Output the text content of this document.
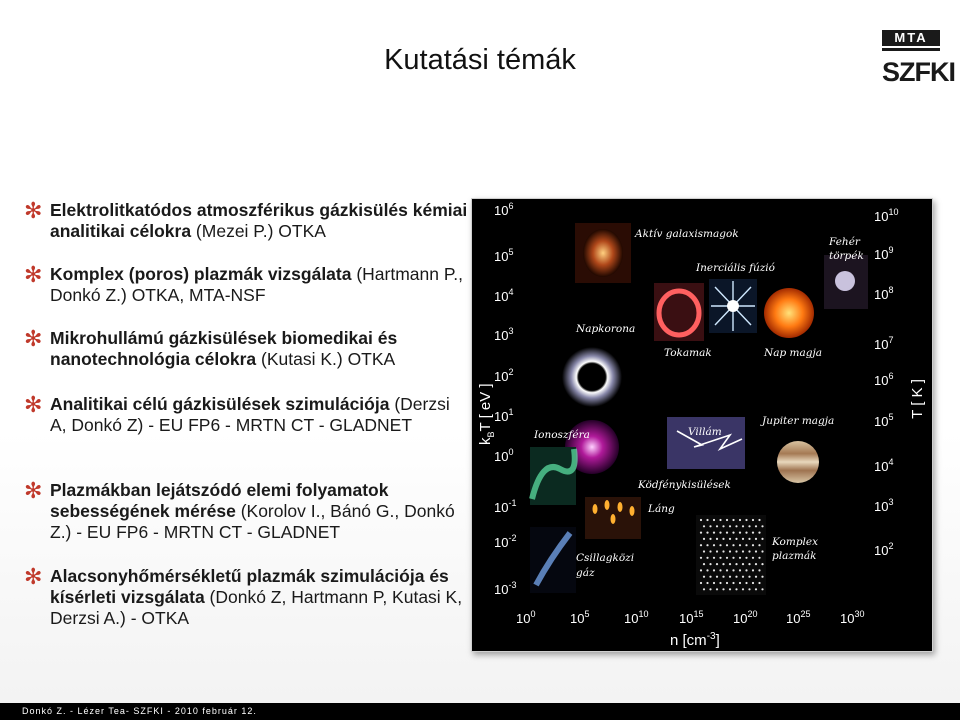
Kutatási témák
MTA
SZFKI
✻ Elektrolitkatódos atmoszférikus gázkisülés kémiai analitikai célokra (Mezei P.) OTKA
✻ Komplex (poros) plazmák vizsgálata (Hartmann P., Donkó Z.) OTKA, MTA-NSF
✻ Mikrohullámú gázkisülések biomedikai és nanotechnológia célokra (Kutasi K.) OTKA
✻ Analitikai célú gázkisülések szimulációja (Derzsi A, Donkó Z) - EU FP6 - MRTN CT - GLADNET
✻ Plazmákban lejátszódó elemi folyamatok sebességének mérése (Korolov I., Bánó G., Donkó Z.) - EU FP6 - MRTN CT - GLADNET
✻ Alacsonyhőmérsékletű plazmák szimulációja és kísérleti vizsgálata (Donkó Z, Hartmann P, Kutasi K, Derzsi A.) - OTKA
$10^6$
$10^5$
$10^4$
$10^3$
$10^2$
$10^1$
$10^0$
$10^{-1}$
$10^{-2}$
$10^{-3}$
$k_BT$ [ eV ]
$10^{10}$
$10^9$
$10^8$
$10^7$
$10^6$
$10^5$
$10^4$
$10^3$
$10^2$
T [ K ]
$10^0$	$10^5$	$10^{10}$ $10^{15}$ $10^{20}$ $10^{25}$ $10^{30}$
n $[cm^{-3}]$
Aktív galaxismagok
Fehér
törpék
Inerciális fúzió
Napkorona
Tokamak	Nap magja
Villám
Jupiter magja
Ionoszféra
Ködfénykisülések
Láng
Komplex
plazmák
Csillagközi
gáz
Donkó Z. - Lézer Tea- SZFKI - 2010 február 12.
